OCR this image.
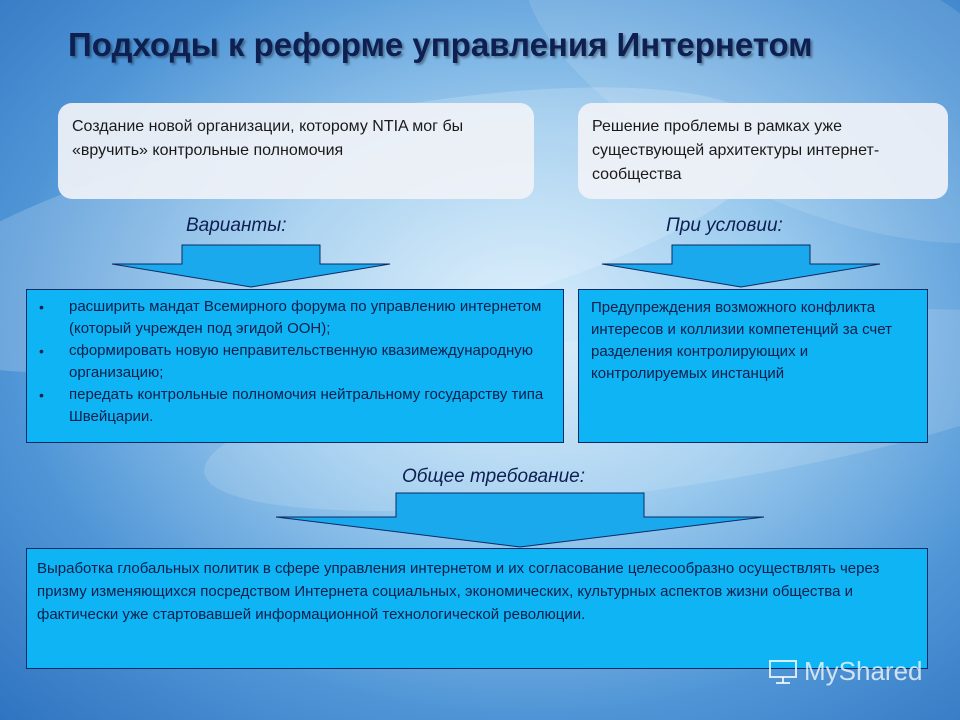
Подходы к реформе управления Интернетом
Создание новой организации, которому NTIA мог бы «вручить» контрольные полномочия
Решение проблемы в рамках уже существующей архитектуры интернет-сообщества
Варианты:	При условии:
• расширить мандат Всемирного форума по управлению интернетом (который учрежден под эгидой ООН);
• сформировать новую неправительственную квазимеждународную организацию;
• передать контрольные полномочия нейтральному государству типа Швейцарии.
Предупреждения возможного конфликта интересов и коллизии компетенций за счет разделения контролирующих и контролируемых инстанций
Общее требование:
Выработка глобальных политик в сфере управления интернетом и их согласование целесообразно осуществлять через призму изменяющихся посредством Интернета социальных, экономических, культурных аспектов жизни общества и фактически уже стартовавшей информационной технологической революции.
MyShared
